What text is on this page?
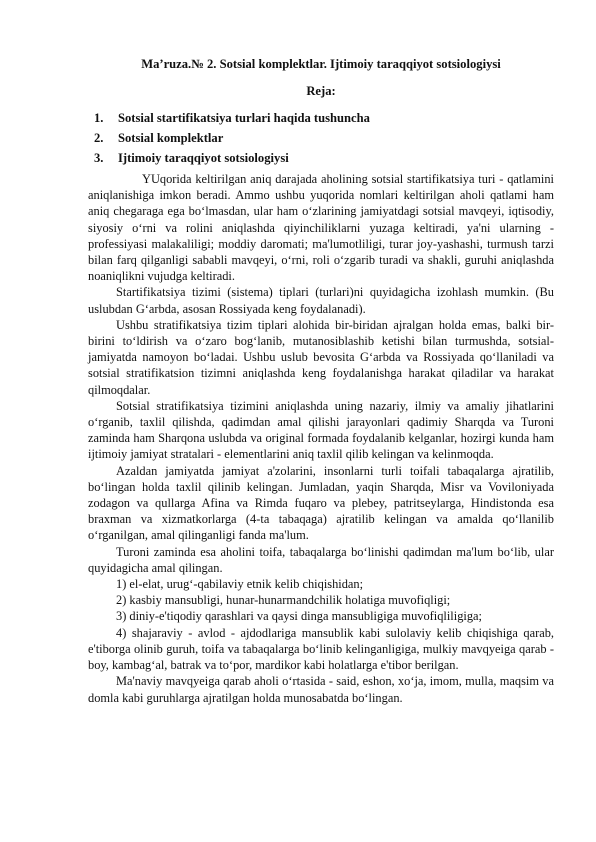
Ma’ruza.№ 2. Sotsial komplektlar. Ijtimoiy taraqqiyot sotsiologiysi
Reja:
1. Sotsial startifikatsiya turlari haqida tushuncha
2. Sotsial komplektlar
3. Ijtimoiy taraqqiyot sotsiologiysi

YUqorida keltirilgan aniq darajada aholining sotsial startifikatsiya turi - qatlamini aniqlanishiga imkon beradi. Ammo ushbu yuqorida nomlari keltirilgan aholi qatlami ham aniq chegaraga ega bo‘lmasdan, ular ham o‘zlarining jamiyatdagi sotsial mavqeyi, iqtisodiy, siyosiy o‘rni va rolini aniqlashda qiyinchiliklarni yuzaga keltiradi, ya'ni ularning - professiyasi malakaliligi; moddiy daromati; ma'lumotliligi, turar joy-yashashi, turmush tarzi bilan farq qilganligi sababli mavqeyi, o‘rni, roli o‘zgarib turadi va shakli, guruhi aniqlashda noaniqlikni vujudga keltiradi.

Startifikatsiya tizimi (sistema) tiplari (turlari)ni quyidagicha izohlash mumkin. (Bu uslubdan G‘arbda, asosan Rossiyada keng foydalanadi).

Ushbu stratifikatsiya tizim tiplari alohida bir-biridan ajralgan holda emas, balki bir-birini to‘ldirish va o‘zaro bog‘lanib, mutanosiblashib ketishi bilan turmushda, sotsial-jamiyatda namoyon bo‘ladai. Ushbu uslub bevosita G‘arbda va Rossiyada qo‘llaniladi va sotsial stratifikatsion tizimni aniqlashda keng foydalanishga harakat qiladilar va harakat qilmoqdalar.

Sotsial stratifikatsiya tizimini aniqlashda uning nazariy, ilmiy va amaliy jihatlarini o‘rganib, taxlil qilishda, qadimdan amal qilishi jarayonlari qadimiy Sharqda va Turoni zaminda ham Sharqona uslubda va original formada foydalanib kelganlar, hozirgi kunda ham ijtimoiy jamiyat stratalari - elementlarini aniq taxlil qilib kelingan va kelinmoqda.

Azaldan jamiyatda jamiyat a'zolarini, insonlarni turli toifali tabaqalarga ajratilib, bo‘lingan holda taxlil qilinib kelingan. Jumladan, yaqin Sharqda, Misr va Voviloniyada zodagon va qullarga Afina va Rimda fuqaro va plebey, patritseylarga, Hindistonda esa braxman va xizmatkorlarga (4-ta tabaqaga) ajratilib kelingan va amalda qo‘llanilib o‘rganilgan, amal qilinganligi fanda ma'lum.

Turoni zaminda esa aholini toifa, tabaqalarga bo‘linishi qadimdan ma'lum bo‘lib, ular quyidagicha amal qilingan.

1) el-elat, urug‘-qabilaviy etnik kelib chiqishidan;

2) kasbiy mansubligi, hunar-hunarmandchilik holatiga muvofiqligi;

3) diniy-e'tiqodiy qarashlari va qaysi dinga mansubligiga muvofiqliligiga;

4) shajaraviy - avlod - ajdodlariga mansublik kabi sulolaviy kelib chiqishiga qarab, e'tiborga olinib guruh, toifa va tabaqalarga bo‘linib kelinganligiga, mulkiy mavqyeiga qarab - boy, kambag‘al, batrak va to‘por, mardikor kabi holatlarga e'tibor berilgan.

Ma'naviy mavqyeiga qarab aholi o‘rtasida - said, eshon, xo‘ja, imom, mulla, maqsim va domla kabi guruhlarga ajratilgan holda munosabatda bo‘lingan.
